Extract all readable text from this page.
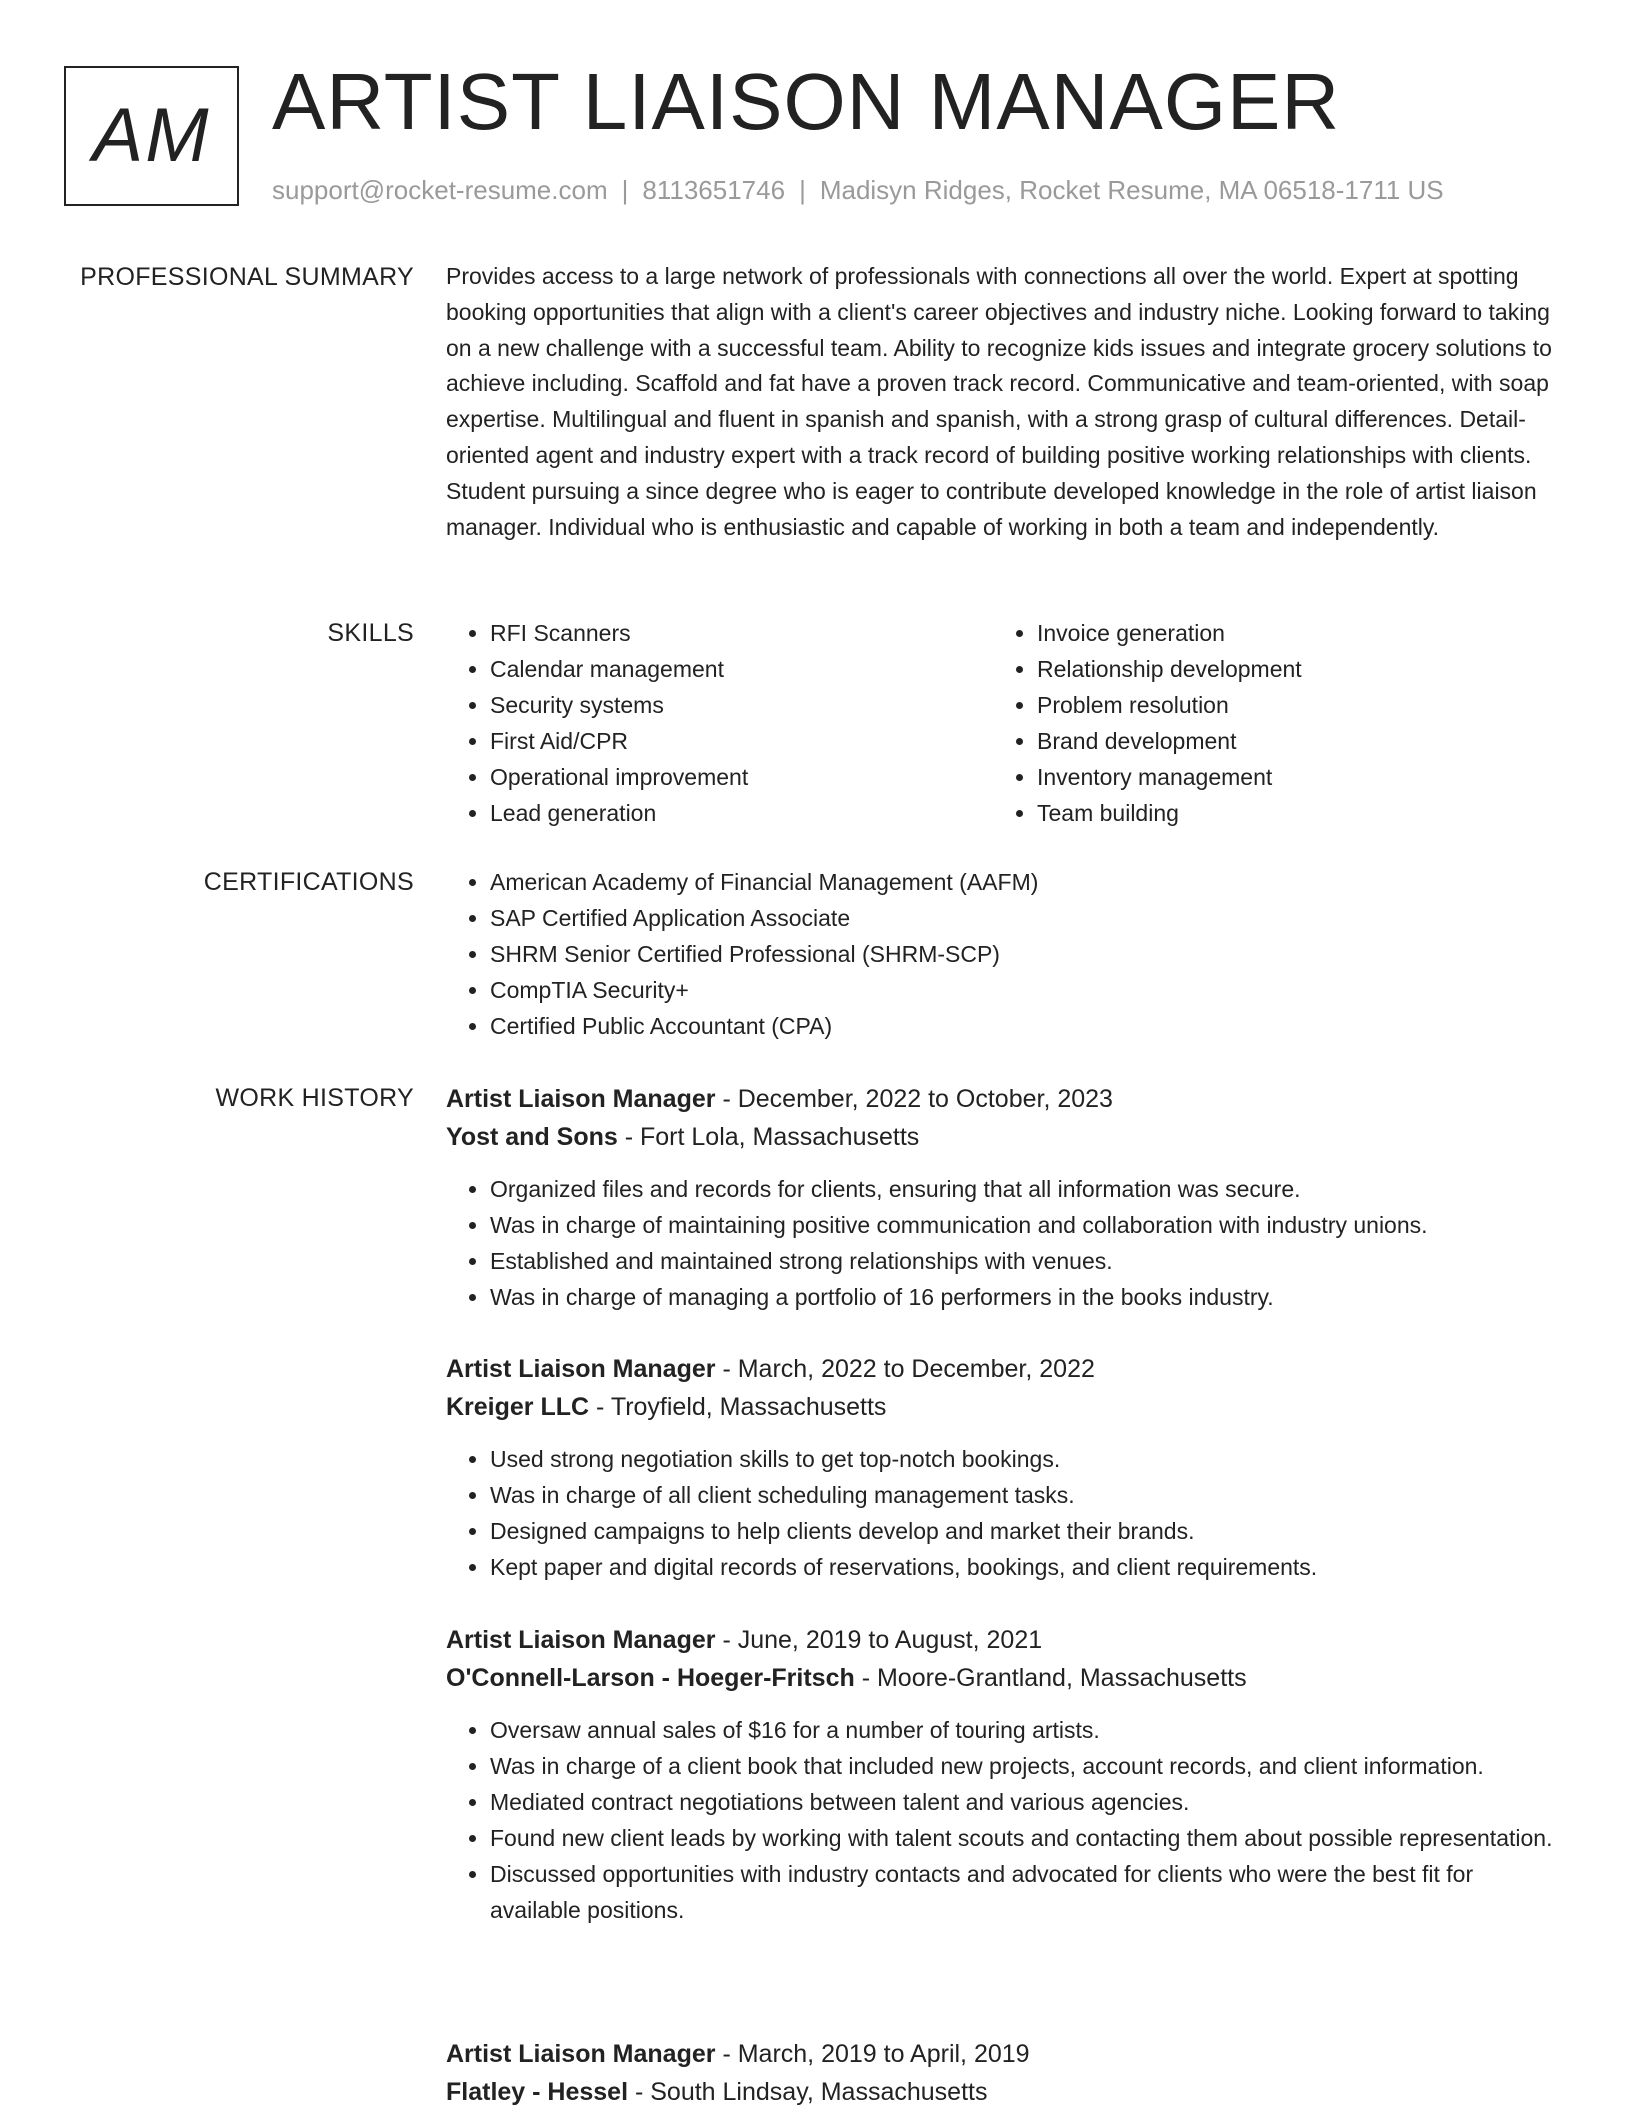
AM ARTIST LIAISON MANAGER
support@rocket-resume.com | 8113651746 | Madisyn Ridges, Rocket Resume, MA 06518-1711 US
PROFESSIONAL SUMMARY Provides access to a large network of professionals with connections all over the world. Expert at spotting booking opportunities that align with a client's career objectives and industry niche. Looking forward to taking on a new challenge with a successful team. Ability to recognize kids issues and integrate grocery solutions to achieve including. Scaffold and fat have a proven track record. Communicative and team-oriented, with soap expertise. Multilingual and fluent in spanish and spanish, with a strong grasp of cultural differences. Detail-oriented agent and industry expert with a track record of building positive working relationships with clients. Student pursuing a since degree who is eager to contribute developed knowledge in the role of artist liaison manager. Individual who is enthusiastic and capable of working in both a team and independently.

SKILLS	• RFI Scanners
• Calendar management
• Security systems
• First Aid/CPR
• Operational improvement
• Lead generation
• Invoice generation
• Relationship development
• Problem resolution
• Brand development
• Inventory management
• Team building
CERTIFICATIONS	• American Academy of Financial Management (AAFM)
• SAP Certified Application Associate
• SHRM Senior Certified Professional (SHRM-SCP)
• CompTIA Security+
• Certified Public Accountant (CPA)
WORK HISTORY Artist Liaison Manager - December, 2022 to October, 2023
Yost and Sons - Fort Lola, Massachusetts
• Organized files and records for clients, ensuring that all information was secure.
• Was in charge of maintaining positive communication and collaboration with industry unions.
• Established and maintained strong relationships with venues.
• Was in charge of managing a portfolio of 16 performers in the books industry.
Artist Liaison Manager - March, 2022 to December, 2022
Kreiger LLC - Troyfield, Massachusetts
• Used strong negotiation skills to get top-notch bookings.
• Was in charge of all client scheduling management tasks.
• Designed campaigns to help clients develop and market their brands.
• Kept paper and digital records of reservations, bookings, and client requirements.
Artist Liaison Manager - June, 2019 to August, 2021
O'Connell-Larson - Hoeger-Fritsch - Moore-Grantland, Massachusetts
• Oversaw annual sales of $16 for a number of touring artists.
• Was in charge of a client book that included new projects, account records, and client information.
• Mediated contract negotiations between talent and various agencies.
• Found new client leads by working with talent scouts and contacting them about possible representation.
• Discussed opportunities with industry contacts and advocated for clients who were the best fit for available positions.
Artist Liaison Manager - March, 2019 to April, 2019
Flatley - Hessel - South Lindsay, Massachusetts
